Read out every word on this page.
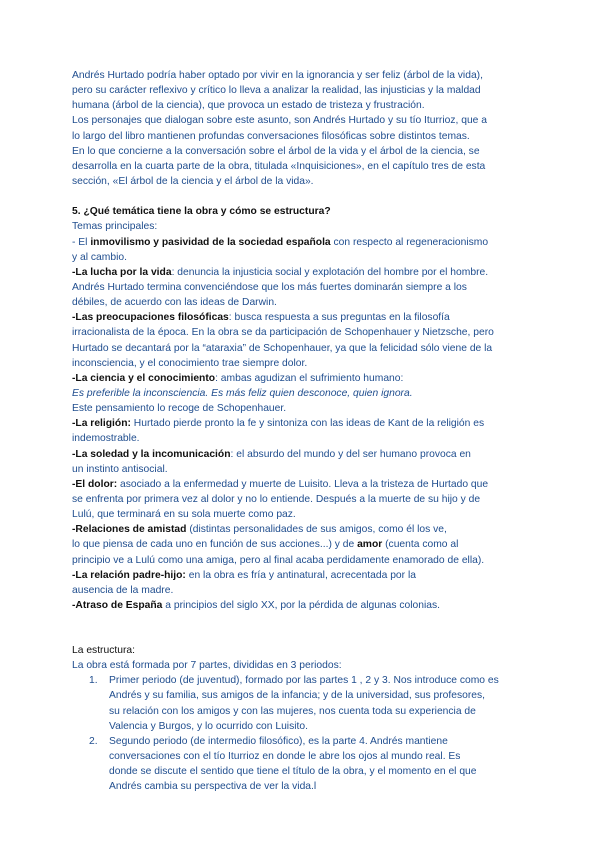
Andrés Hurtado podría haber optado por vivir en la ignorancia y ser feliz (árbol de la vida),
pero su carácter reflexivo y crítico lo lleva a analizar la realidad, las injusticias y la maldad
humana (árbol de la ciencia), que provoca un estado de tristeza y frustración.
Los personajes que dialogan sobre este asunto, son Andrés Hurtado y su tío Iturrioz, que a
lo largo del libro mantienen profundas conversaciones filosóficas sobre distintos temas.
En lo que concierne a la conversación sobre el árbol de la vida y el árbol de la ciencia, se
desarrolla en la cuarta parte de la obra, titulada «Inquisiciones», en el capítulo tres de esta
sección, «El árbol de la ciencia y el árbol de la vida».
5. ¿Qué temática tiene la obra y cómo se estructura?
Temas principales:
- El inmovilismo y pasividad de la sociedad española con respecto al regeneracionismo
y al cambio.
-La lucha por la vida: denuncia la injusticia social y explotación del hombre por el hombre.
Andrés Hurtado termina convenciéndose que los más fuertes dominarán siempre a los
débiles, de acuerdo con las ideas de Darwin.
-Las preocupaciones filosóficas: busca respuesta a sus preguntas en la filosofía
irracionalista de la época. En la obra se da participación de Schopenhauer y Nietzsche, pero
Hurtado se decantará por la “ataraxia” de Schopenhauer, ya que la felicidad sólo viene de la
inconsciencia, y el conocimiento trae siempre dolor.
-La ciencia y el conocimiento: ambas agudizan el sufrimiento humano:
Es preferible la inconsciencia. Es más feliz quien desconoce, quien ignora.
Este pensamiento lo recoge de Schopenhauer.
-La religión: Hurtado pierde pronto la fe y sintoniza con las ideas de Kant de la religión es
indemostrable.
-La soledad y la incomunicación: el absurdo del mundo y del ser humano provoca en
un instinto antisocial.
-El dolor: asociado a la enfermedad y muerte de Luisito. Lleva a la tristeza de Hurtado que
se enfrenta por primera vez al dolor y no lo entiende. Después a la muerte de su hijo y de
Lulú, que terminará en su sola muerte como paz.
-Relaciones de amistad (distintas personalidades de sus amigos, como él los ve,
lo que piensa de cada uno en función de sus acciones...) y de amor (cuenta como al
principio ve a Lulú como una amiga, pero al final acaba perdidamente enamorado de ella).
-La relación padre-hijo: en la obra es fría y antinatural, acrecentada por la
ausencia de la madre.
-Atraso de España a principios del siglo XX, por la pérdida de algunas colonias.
La estructura:
La obra está formada por 7 partes, divididas en 3 periodos:
1. Primer periodo (de juventud), formado por las partes 1 , 2 y 3. Nos introduce como es
Andrés y su familia, sus amigos de la infancia; y de la universidad, sus profesores,
su relación con los amigos y con las mujeres, nos cuenta toda su experiencia de
Valencia y Burgos, y lo ocurrido con Luisito.
2. Segundo periodo (de intermedio filosófico), es la parte 4. Andrés mantiene
conversaciones con el tío Iturrioz en donde le abre los ojos al mundo real. Es
donde se discute el sentido que tiene el título de la obra, y el momento en el que
Andrés cambia su perspectiva de ver la vida.l
